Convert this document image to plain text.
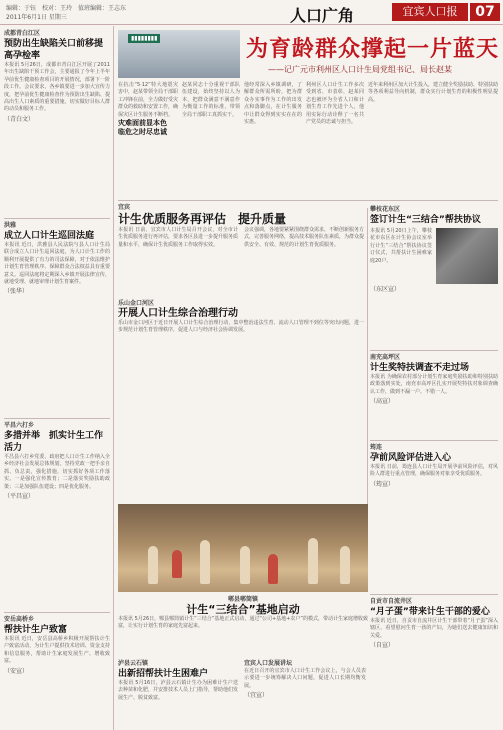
编辑：于钰　校对：王玲　值班编辑：王志东
2011年6月1日 星期三	人口广角	宜宾人口报	07
成都青白江区
预防出生缺陷关口前移提高孕检率

本报讯 5月26日，成都市青白江区开展了2011年出生缺陷干预工作会，主要通报了今年上半年孕前优生健康检查项目的开展情况，部署下一阶段工作。会议要求，各乡镇要进一步加大宣传力度，把孕前优生健康检查作为预防出生缺陷、提高出生人口素质的重要措施，切实做好目标人群的动员和服务工作。

（青白文）
洪雅
成立人口计生巡回法庭

本报讯 近日，洪雅县人民法院与县人口计生局联合成立人口计生巡回法庭，为人口计生工作的顺利开展提供了有力的司法保障，对于依法维护计划生育管理秩序、保障群众合法权益具有重要意义。巡回法庭将定期深入乡镇开展法律宣传，就地受理、就地审理计划生育案件。

（张华）
平昌六打乡
多措并举　抓实计生工作活力

平昌县六打乡党委、政府把人口计生工作纳入全乡经济社会发展总体规划，坚持党政一把手亲自抓、负总责，强化措施，切实抓好各项工作落实。一是强化宣传教育；二是落实奖励扶助政策；三是加强队伍建设；四是优化服务。

（平昌宣）
安岳高桥乡
帮扶计生户致富

本报讯 近日，安岳县高桥乡积极开展帮扶计生户致富活动，为计生户提供技术培训、资金支持和信息服务，帮助计生家庭发展生产、增收致富。

（安宣）
▮▮▮▮▮▮▮▮	为育龄群众撑起一片蓝天
——记广元市利州区人口计生局党组书记、局长赵某

在抗击“5·12”特大地震灾害中，赵某带领全局干部职工冲锋在前，全力做好受灾群众的救助和安置工作，确保灾区计生服务不断档。

灾难面前显本色
临危之时尽忠诚

赵某同志十分重视干部队伍建设，始终坚持以人为本，把群众满意不满意作为衡量工作的标准，带领全局干部职工真抓实干。

他经常深入乡镇调研，了解群众所需所盼，把为群众办实事作为工作的出发点和落脚点，在计生服务中让群众得到实实在在的实惠。

利州区人口计生工作多次受到省、市表彰，赵某同志也被评为全省人口和计划生育工作先进个人，他用实际行动诠释了一名共产党员的忠诚与担当。

近年来利州区加大计生投入，建立健全奖励扶助、特别扶助等各项利益导向机制，群众实行计划生育的积极性明显提高。

宜宾
计生优质服务再评估　提升质量

本报讯 日前，宜宾市人口计生局召开会议，对全市计生优质服务进行再评估，要求各区县进一步提升服务质量和水平，确保计生优质服务工作取得实效。

会议强调，各地要紧紧围绕群众需求，不断创新服务方式，完善服务网络，提高技术服务队伍素质，为群众提供安全、有效、规范的计划生育优质服务。

乐山金口河区
开展人口计生综合治理行动

乐山市金口河区于近日开展人口计生综合治理行动，集中整治违法生育、流动人口管理不到位等突出问题，进一步规范计划生育管理秩序，促进人口与经济社会协调发展。

攀枝花东区
签订计生“三结合”帮扶协议

本报讯 5月20日上午，攀枝花市东区在计生协会议室举行计生“三结合”帮扶协议签订仪式，共帮扶计生困难家庭20户。

（东区宣）
南充高坪区
计生奖特扶调查不走过场

本报讯 为确保农村部分计划生育家庭奖励扶助和特别扶助政策落到实处，南充市高坪区扎实开展奖特扶对象调查确认工作，做到不漏一户、不错一人。

（高宣）
筠连
孕前风险评估进入心

本报讯 日前，筠连县人口计生局开展孕前风险评估，对风险人群进行重点管理，确保服务对象享受优质服务。

（筠宣）
自贡市自流井区
“月子蛋”带来计生干部的爱心

本报讯 近日，自贡市自流井区计生干部带着“月子蛋”深入辖区，看望慰问生育一孩的产妇，为她们送去健康知识和关爱。

（自宣）
郫县郫筒镇
计生“三结合”基地启动

本报讯 5月26日，郫县郫筒镇计生“三结合”基地正式启动，通过“公司+基地+农户”的模式，带动计生家庭增收致富，让实行计划生育的家庭先富起来。

泸县云石镇
出新招帮扶计生困难户

本报讯 5月16日，泸县云石镇计生办为困难计生户送去种苗和化肥，并安排技术人员上门指导，帮助他们发展生产、脱贫致富。

宜宾人口发展讲坛

在近日召开的宜宾市人口计生工作会议上，与会人员表示要进一步统筹解决人口问题，促进人口长期均衡发展。

（宜宣）
